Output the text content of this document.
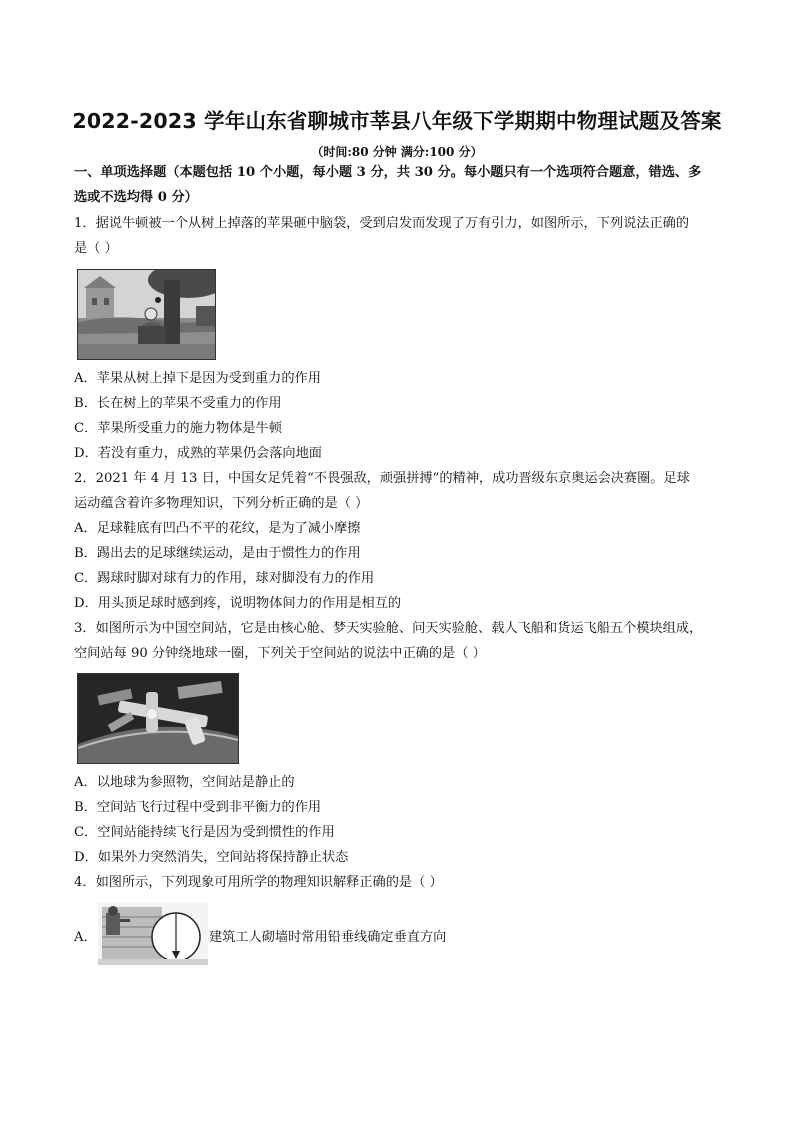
2022-2023 学年山东省聊城市莘县八年级下学期期中物理试题及答案
（时间:80 分钟 满分:100 分）
一、单项选择题（本题包括 10 个小题，每小题 3 分，共 30 分。每小题只有一个选项符合题意，错选、多
选或不选均得 0 分）
1．据说牛顿被一个从树上掉落的苹果砸中脑袋，受到启发而发现了万有引力，如图所示，下列说法正确的
是（ ）
A．苹果从树上掉下是因为受到重力的作用
B．长在树上的苹果不受重力的作用
C．苹果所受重力的施力物体是牛顿
D．若没有重力，成熟的苹果仍会落向地面
2．2021 年 4 月 13 日，中国女足凭着“不畏强敌，顽强拼搏”的精神，成功晋级东京奥运会决赛圈。足球
运动蕴含着许多物理知识，下列分析正确的是（ ）
A．足球鞋底有凹凸不平的花纹，是为了减小摩擦
B．踢出去的足球继续运动，是由于惯性力的作用
C．踢球时脚对球有力的作用，球对脚没有力的作用
D．用头顶足球时感到疼，说明物体间力的作用是相互的
3．如图所示为中国空间站，它是由核心舱、梦天实验舱、问天实验舱、载人飞船和货运飞船五个模块组成，
空间站每 90 分钟绕地球一圈，下列关于空间站的说法中正确的是（ ）
A．以地球为参照物，空间站是静止的
B．空间站飞行过程中受到非平衡力的作用
C．空间站能持续飞行是因为受到惯性的作用
D．如果外力突然消失，空间站将保持静止状态
4．如图所示，下列现象可用所学的物理知识解释正确的是（ ）
A．	建筑工人砌墙时常用铅垂线确定垂直方向
